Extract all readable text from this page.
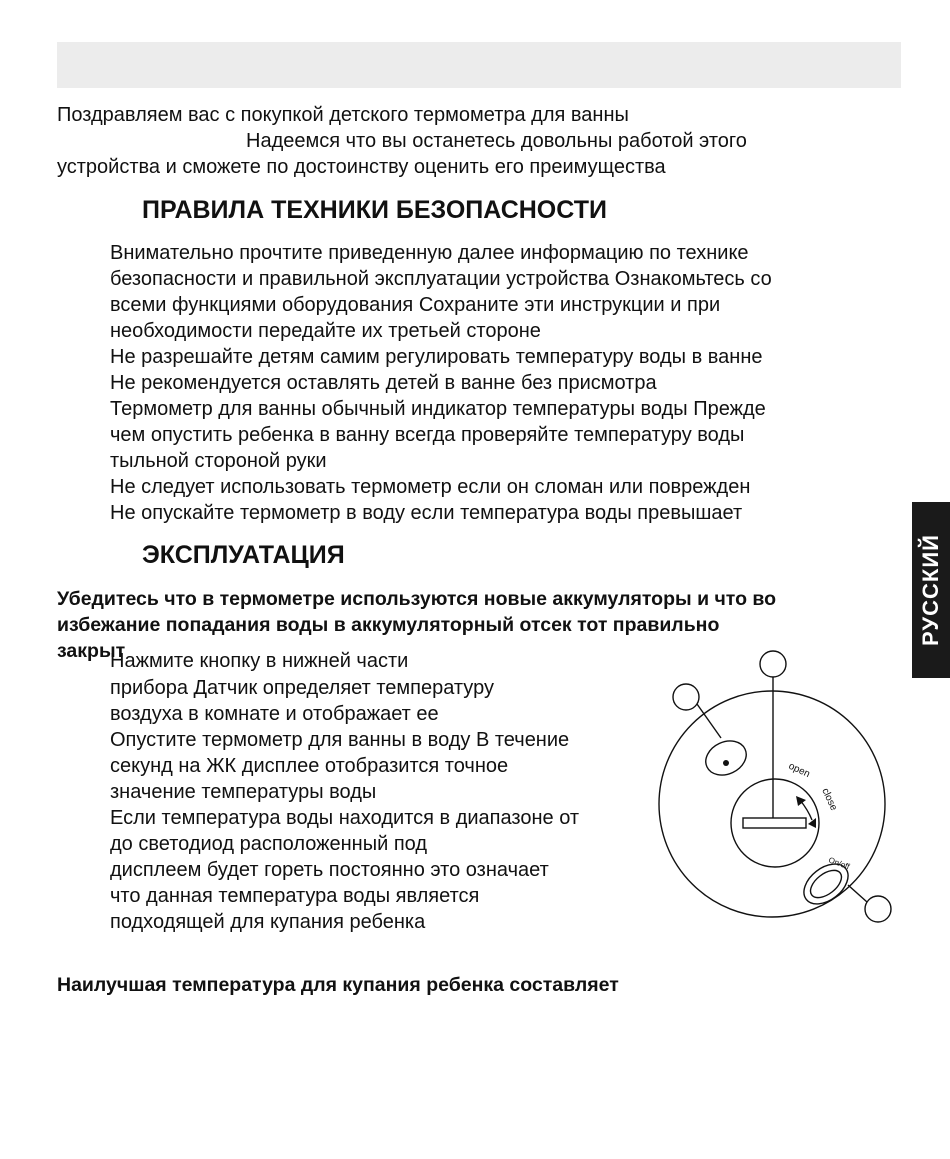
Поздравляем вас с покупкой детского термометра для ванны
Надеемся что вы останетесь довольны работой этого
устройства и сможете по достоинству оценить его преимущества
ПРАВИЛА ТЕХНИКИ БЕЗОПАСНОСТИ
Внимательно прочтите приведенную далее информацию по технике
безопасности и правильной эксплуатации устройства Ознакомьтесь со
всеми функциями оборудования Сохраните эти инструкции и при
необходимости передайте их третьей стороне
Не разрешайте детям самим регулировать температуру воды в ванне
Не рекомендуется оставлять детей в ванне без присмотра
Термометр для ванны обычный индикатор температуры воды Прежде
чем опустить ребенка в ванну всегда проверяйте температуру воды
тыльной стороной руки
Не следует использовать термометр если он сломан или поврежден
Не опускайте термометр в воду если температура воды превышает
ЭКСПЛУАТАЦИЯ
Убедитесь что в термометре используются новые аккумуляторы и что во
избежание попадания воды в аккумуляторный отсек тот правильно
закрыт
Нажмите кнопку в нижней части
прибора Датчик определяет температуру
воздуха в комнате и отображает ее
Опустите термометр для ванны в воду В течение
секунд на ЖК дисплее отобразится точное
значение температуры воды
Если температура воды находится в диапазоне от
до светодиод расположенный под
дисплеем будет гореть постоянно это означает
что данная температура воды является
подходящей для купания ребенка
Наилучшая температура для купания ребенка составляет
РУССКИЙ
open
close
On/off
